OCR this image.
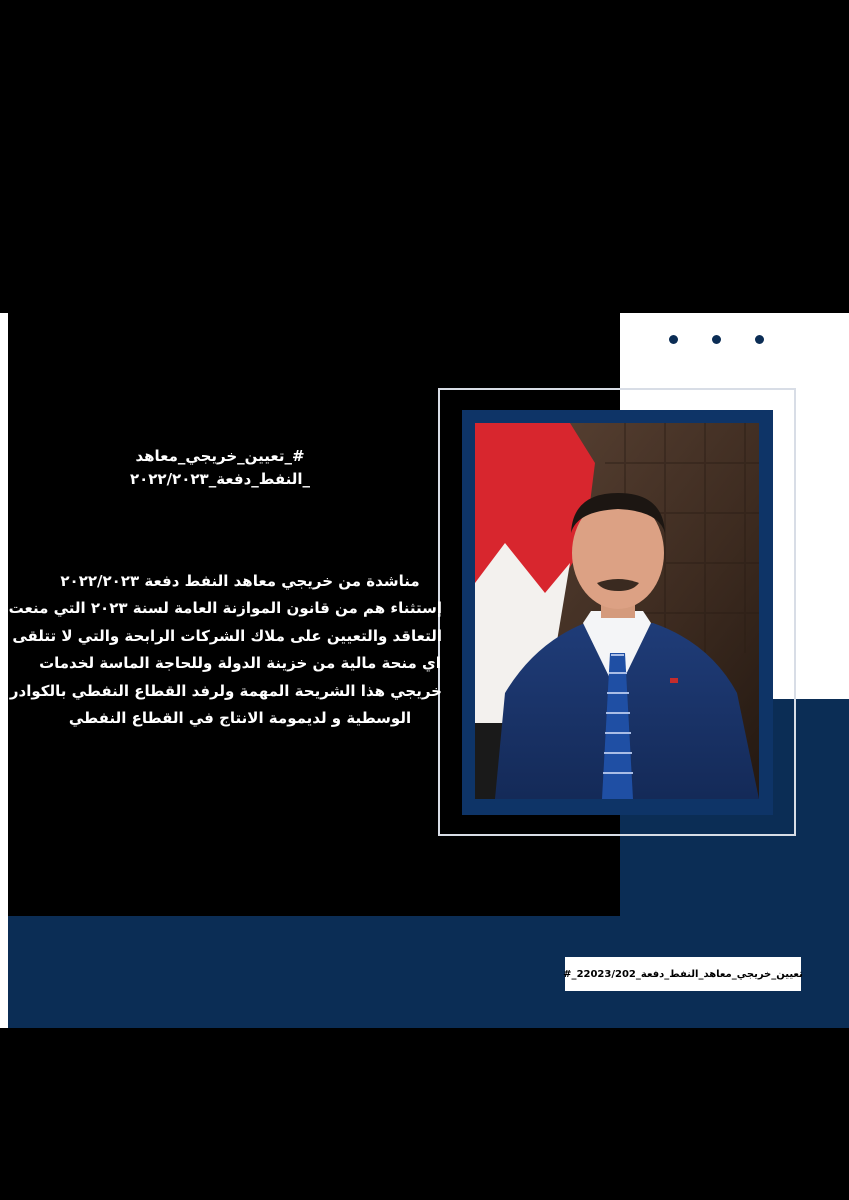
#_تعيين_خريجي_معاهد
_النفط_دفعة_٢٠٢٢/٢٠٢٣
مناشدة من خريجي معاهد النفط دفعة ٢٠٢٢/٢٠٢٣
إستثناء هم من قانون الموازنة العامة لسنة ٢٠٢٣ التي منعت
التعاقد والتعيين على ملاك الشركات الرابحة والتي لا تتلقى
اي منحة مالية من خزينة الدولة وللحاجة الماسة لخدمات
خريجي هذا الشريحة المهمة ولرفد القطاع النفطي بالكوادر
الوسطية و لديمومة الانتاج في القطاع النفطي
#_تعيين_خريجي_معاهد_النفط_دفعة_22023/202
